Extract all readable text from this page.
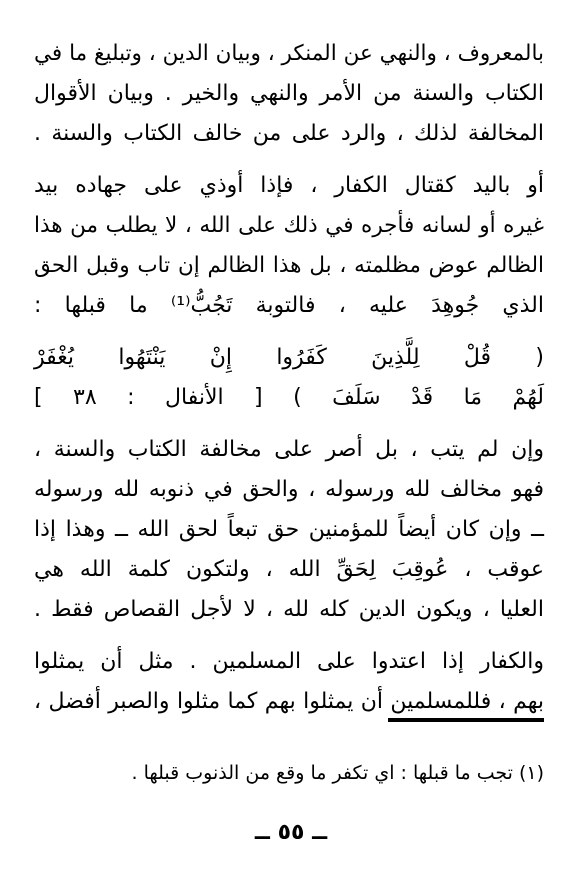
بالمعروف ، والنهي عن المنكر ، وبيان الدين ، وتبليغ ما في
الكتاب والسنة من الأمر والنهي والخير . وبيان الأقوال
المخالفة لذلك ، والرد على من خالف الكتاب والسنة .
أو باليد كقتال الكفار ، فإذا أوذي على جهاده بيد
غيره أو لسانه فأجره في ذلك على الله ، لا يطلب من هذا
الظالم عوض مظلمته ، بل هذا الظالم إن تاب وقبل الحق
الذي جُوهِدَ عليه ، فالتوبة تَجُبُّ⁽¹⁾ ما قبلها :
( قُلْ لِلَّذِينَ كَفَرُوا إِنْ يَنْتَهُوا يُغْفَرْ
لَهُمْ مَا قَدْ سَلَفَ ) [ الأنفال : ٣٨ ]
وإن لم يتب ، بل أصر على مخالفة الكتاب والسنة ،
فهو مخالف لله ورسوله ، والحق في ذنوبه لله ورسوله
ــ وإن كان أيضاً للمؤمنين حق تبعاً لحق الله ــ وهذا إذا
عوقب ، عُوقِبَ لِحَقِّ الله ، ولتكون كلمة الله هي
العليا ، ويكون الدين كله لله ، لا لأجل القصاص فقط .
والكفار إذا اعتدوا على المسلمين . مثل أن يمثلوا
بهم ، فللمسلمين أن يمثلوا بهم كما مثلوا والصبر أفضل ،
(١) تجب ما قبلها : اي تكفر ما وقع من الذنوب قبلها .
ــ ٥٥ ــ
